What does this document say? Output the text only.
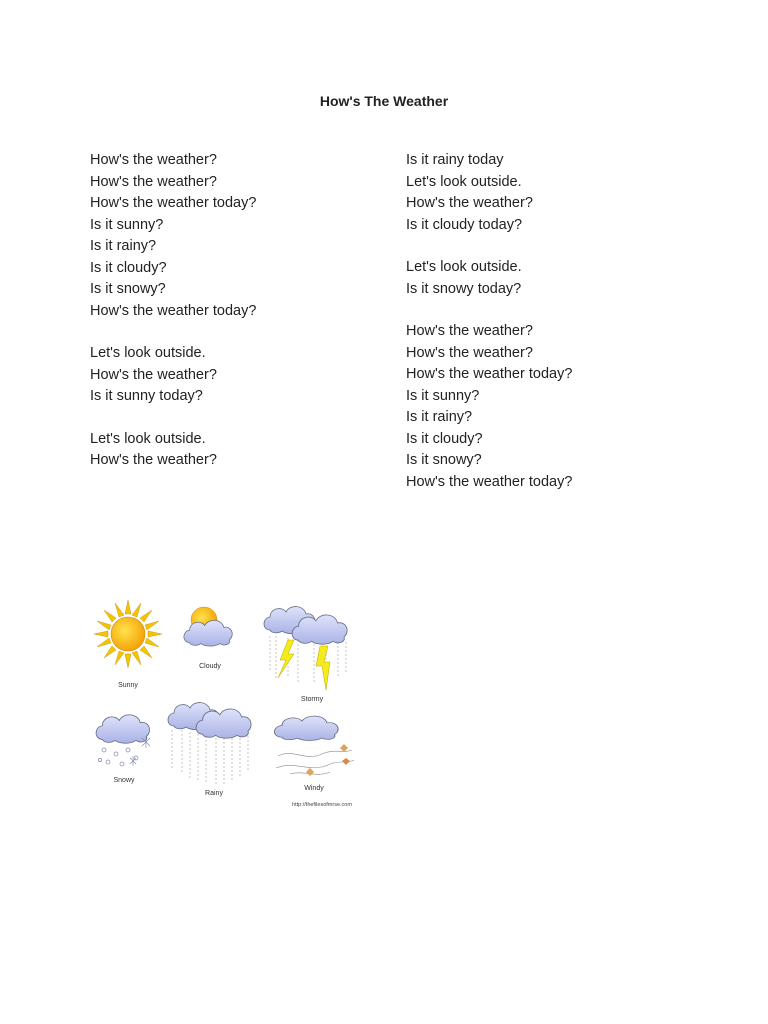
How's The Weather
How's the weather?
How's the weather?
How's the weather today?
Is it sunny?
Is it rainy?
Is it cloudy?
Is it snowy?
How's the weather today?
Let's look outside.
How's the weather?
Is it sunny today?
Let's look outside.
How's the weather?
Is it rainy today
Let's look outside.
How's the weather?
Is it cloudy today?
Let's look outside.
Is it snowy today?
How's the weather?
How's the weather?
How's the weather today?
Is it sunny?
Is it rainy?
Is it cloudy?
Is it snowy?
How's the weather today?
Sunny
Cloudy
Stormy
Snowy
Rainy
Windy
http://thefilesofmrse.com
